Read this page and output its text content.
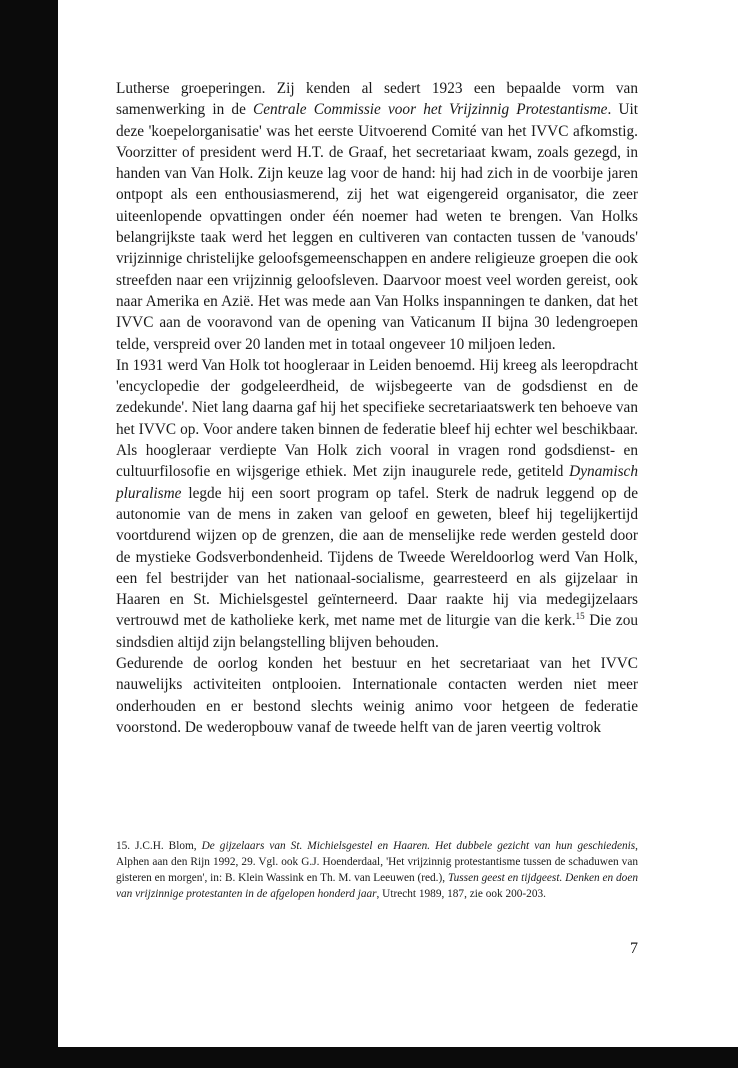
Lutherse groeperingen. Zij kenden al sedert 1923 een bepaalde vorm van samenwerking in de Centrale Commissie voor het Vrijzinnig Protestantisme. Uit deze 'koepelorganisatie' was het eerste Uitvoerend Comité van het IVVC afkomstig. Voorzitter of president werd H.T. de Graaf, het secretariaat kwam, zoals gezegd, in handen van Van Holk. Zijn keuze lag voor de hand: hij had zich in de voorbije jaren ontpopt als een enthousiasmerend, zij het wat eigengereid organisator, die zeer uiteenlopende opvattingen onder één noemer had weten te brengen. Van Holks belangrijkste taak werd het leggen en cultiveren van contacten tussen de 'vanouds' vrijzinnige christelijke geloofsgemeenschappen en andere religieuze groepen die ook streefden naar een vrijzinnig geloofsleven. Daarvoor moest veel worden gereist, ook naar Amerika en Azië. Het was mede aan Van Holks inspanningen te danken, dat het IVVC aan de vooravond van de opening van Vaticanum II bijna 30 ledengroepen telde, verspreid over 20 landen met in totaal ongeveer 10 miljoen leden.

In 1931 werd Van Holk tot hoogleraar in Leiden benoemd. Hij kreeg als leeropdracht 'encyclopedie der godgeleerdheid, de wijsbegeerte van de godsdienst en de zedekunde'. Niet lang daarna gaf hij het specifieke secretariaatswerk ten behoeve van het IVVC op. Voor andere taken binnen de federatie bleef hij echter wel beschikbaar. Als hoogleraar verdiepte Van Holk zich vooral in vragen rond godsdienst- en cultuurfilosofie en wijsgerige ethiek. Met zijn inaugurele rede, getiteld Dynamisch pluralisme legde hij een soort program op tafel. Sterk de nadruk leggend op de autonomie van de mens in zaken van geloof en geweten, bleef hij tegelijkertijd voortdurend wijzen op de grenzen, die aan de menselijke rede werden gesteld door de mystieke Godsverbondenheid. Tijdens de Tweede Wereldoorlog werd Van Holk, een fel bestrijder van het nationaal-socialisme, gearresteerd en als gijzelaar in Haaren en St. Michielsgestel geïnterneerd. Daar raakte hij via medegijzelaars vertrouwd met de katholieke kerk, met name met de liturgie van die kerk.$^{15}$ Die zou sindsdien altijd zijn belangstelling blijven behouden.

Gedurende de oorlog konden het bestuur en het secretariaat van het IVVC nauwelijks activiteiten ontplooien. Internationale contacten werden niet meer onderhouden en er bestond slechts weinig animo voor hetgeen de federatie voorstond. De wederopbouw vanaf de tweede helft van de jaren veertig voltrok

15. J.C.H. Blom, De gijzelaars van St. Michielsgestel en Haaren. Het dubbele gezicht van hun geschiedenis, Alphen aan den Rijn 1992, 29. Vgl. ook G.J. Hoenderdaal, 'Het vrijzinnig protestantisme tussen de schaduwen van gisteren en morgen', in: B. Klein Wassink en Th. M. van Leeuwen (red.), Tussen geest en tijdgeest. Denken en doen van vrijzinnige protestanten in de afgelopen honderd jaar, Utrecht 1989, 187, zie ook 200-203.

7
